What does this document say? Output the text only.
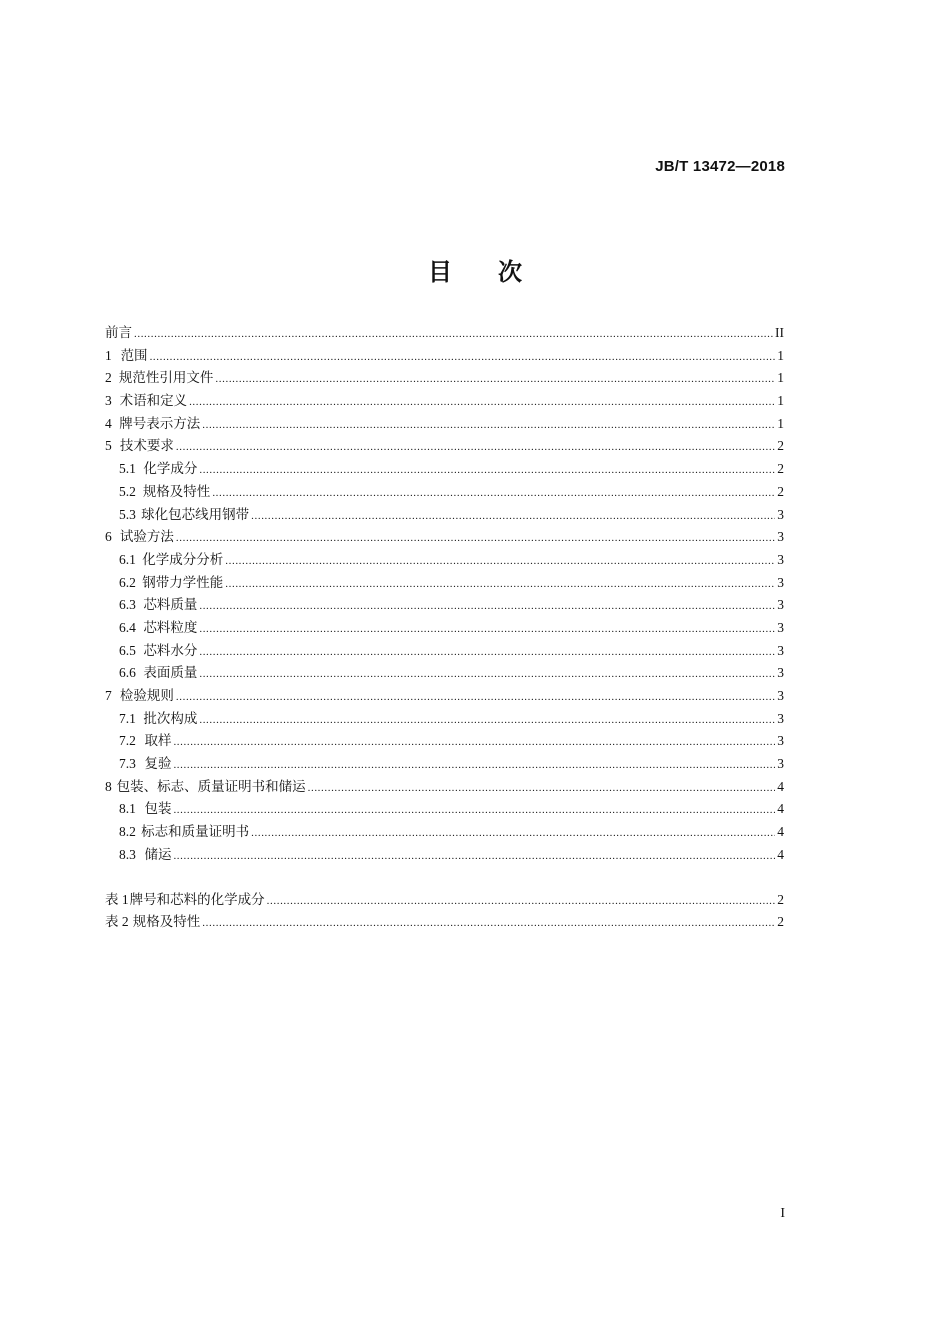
JB/T 13472—2018
目 次
前言 .....	II
1 范围 .....	1
2 规范性引用文件 .....	1
3 术语和定义 .....	1
4 牌号表示方法 .....	1
5 技术要求 .....	2
5.1 化学成分 .....	2
5.2 规格及特性 .....	2
5.3 球化包芯线用钢带 .....	3
6 试验方法 .....	3
6.1 化学成分分析 .....	3
6.2 钢带力学性能 .....	3
6.3 芯料质量 .....	3
6.4 芯料粒度 .....	3
6.5 芯料水分 .....	3
6.6 表面质量 .....	3
7 检验规则 .....	3
7.1 批次构成 .....	3
7.2 取样 .....	3
7.3 复验 .....	3
8 包装、标志、质量证明书和储运 .....	4
8.1 包装 .....	4
8.2 标志和质量证明书 .....	4
8.3 储运 .....	4
表 1 牌号和芯料的化学成分 .....	2
表 2 规格及特性 .....	2
I
